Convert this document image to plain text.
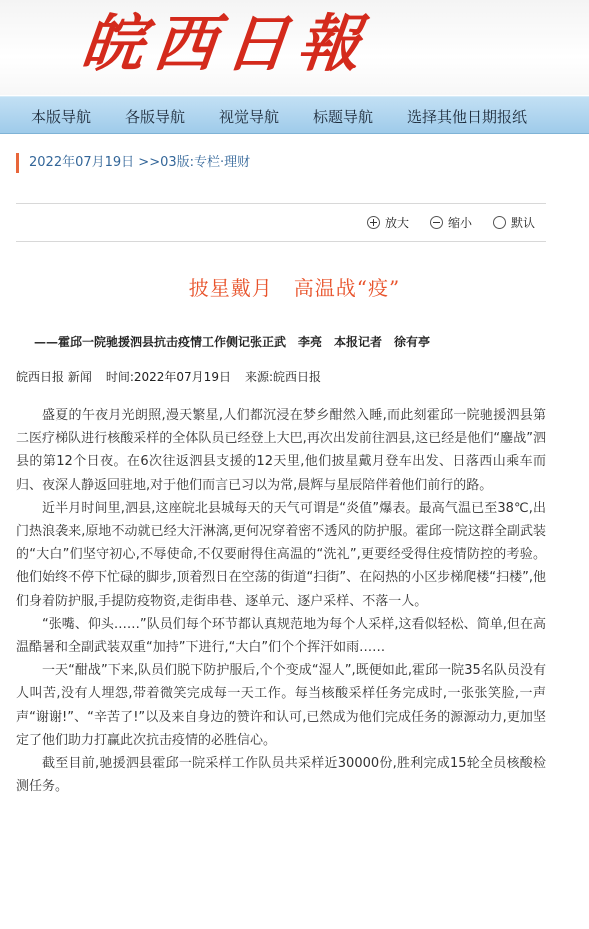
皖西日報
本版导航 各版导航 视觉导航 标题导航 选择其他日期报纸
2022年07月19日 >>03版:专栏·理财
放大	缩小	默认
披星戴月　高温战“疫”
——霍邱一院驰援泗县抗击疫情工作侧记张正武　李亮　本报记者　徐有亭
皖西日报 新闻 时间:2022年07月19日 来源:皖西日报

盛夏的午夜月光朗照,漫天繁星,人们都沉浸在梦乡酣然入睡,而此刻霍邱一院驰援泗县第二医疗梯队进行核酸采样的全体队员已经登上大巴,再次出发前往泗县,这已经是他们“鏖战”泗县的第12个日夜。在6次往返泗县支援的12天里,他们披星戴月登车出发、日落西山乘车而归、夜深人静返回驻地,对于他们而言已习以为常,晨辉与星辰陪伴着他们前行的路。

近半月时间里,泗县,这座皖北县城每天的天气可谓是“炎值”爆表。最高气温已至38℃,出门热浪袭来,原地不动就已经大汗淋漓,更何况穿着密不透风的防护服。霍邱一院这群全副武装的“大白”们坚守初心,不辱使命,不仅要耐得住高温的“洗礼”,更要经受得住疫情防控的考验。他们始终不停下忙碌的脚步,顶着烈日在空荡的街道“扫街”、在闷热的小区步梯爬楼“扫楼”,他们身着防护服,手提防疫物资,走街串巷、逐单元、逐户采样、不落一人。

“张嘴、仰头……”队员们每个环节都认真规范地为每个人采样,这看似轻松、简单,但在高温酷暑和全副武装双重“加持”下进行,“大白”们个个挥汗如雨……

一天“酣战”下来,队员们脱下防护服后,个个变成“湿人”,既便如此,霍邱一院35名队员没有人叫苦,没有人埋怨,带着微笑完成每一天工作。每当核酸采样任务完成时,一张张笑脸,一声声“谢谢!”、“辛苦了!”以及来自身边的赞许和认可,已然成为他们完成任务的源源动力,更加坚定了他们助力打赢此次抗击疫情的必胜信心。

截至目前,驰援泗县霍邱一院采样工作队员共采样近30000份,胜利完成15轮全员核酸检测任务。
